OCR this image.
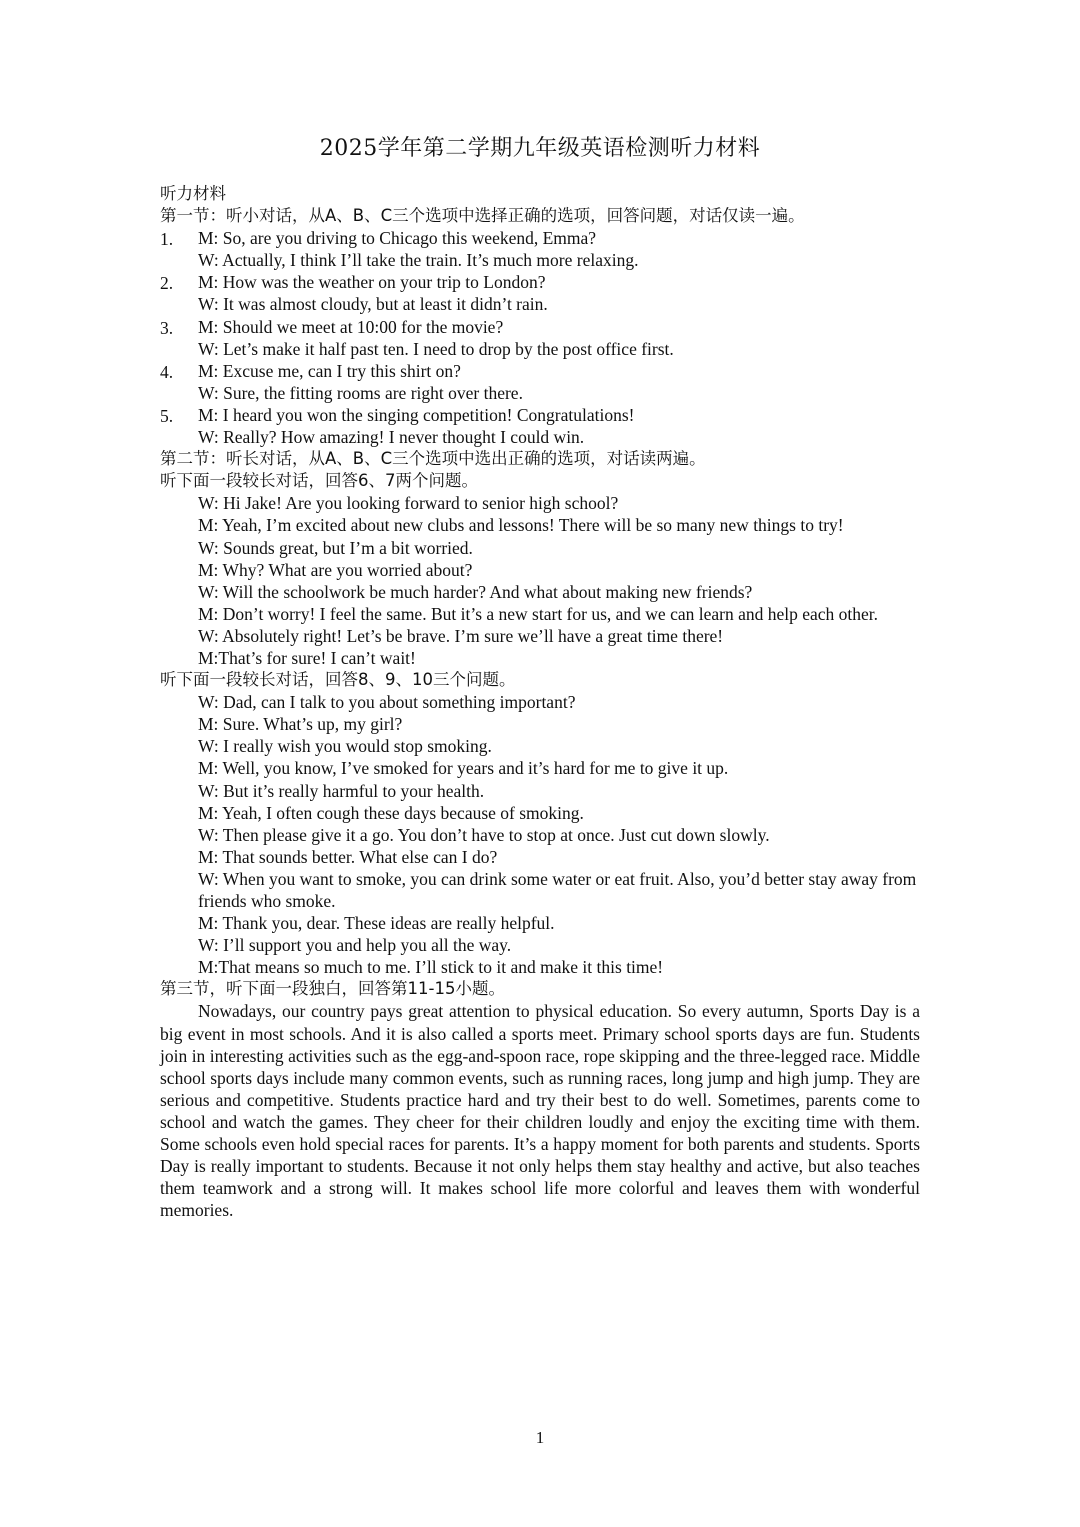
2025学年第二学期九年级英语检测听力材料
听力材料
第一节：听小对话，从A、B、C三个选项中选择正确的选项，回答问题，对话仅读一遍。
1. M: So, are you driving to Chicago this weekend, Emma?
W: Actually, I think I’ll take the train. It’s much more relaxing.
2. M: How was the weather on your trip to London?
W: It was almost cloudy, but at least it didn’t rain.
3. M: Should we meet at 10:00 for the movie?
W: Let’s make it half past ten. I need to drop by the post office first.
4. M: Excuse me, can I try this shirt on?
W: Sure, the fitting rooms are right over there.
5. M: I heard you won the singing competition! Congratulations!
W: Really? How amazing! I never thought I could win.
第二节：听长对话，从A、B、C三个选项中选出正确的选项，对话读两遍。
听下面一段较长对话，回答6、7两个问题。
W: Hi Jake! Are you looking forward to senior high school?
M: Yeah, I’m excited about new clubs and lessons! There will be so many new things to try!
W: Sounds great, but I’m a bit worried.
M: Why? What are you worried about?
W: Will the schoolwork be much harder? And what about making new friends?
M: Don’t worry! I feel the same. But it’s a new start for us, and we can learn and help each other.
W: Absolutely right! Let’s be brave. I’m sure we’ll have a great time there!
M:That’s for sure! I can’t wait!
听下面一段较长对话，回答8、9、10三个问题。
W: Dad, can I talk to you about something important?
M: Sure. What’s up, my girl?
W: I really wish you would stop smoking.
M: Well, you know, I’ve smoked for years and it’s hard for me to give it up.
W: But it’s really harmful to your health.
M: Yeah, I often cough these days because of smoking.
W: Then please give it a go. You don’t have to stop at once. Just cut down slowly.
M: That sounds better. What else can I do?
W: When you want to smoke, you can drink some water or eat fruit. Also, you’d better stay away from friends who smoke.
M: Thank you, dear. These ideas are really helpful.
W: I’ll support you and help you all the way.
M:That means so much to me. I’ll stick to it and make it this time!
第三节，听下面一段独白，回答第11-15小题。
Nowadays, our country pays great attention to physical education. So every autumn, Sports Day is a big event in most schools. And it is also called a sports meet. Primary school sports days are fun. Students join in interesting activities such as the egg-and-spoon race, rope skipping and the three-legged race. Middle school sports days include many common events, such as running races, long jump and high jump. They are serious and competitive. Students practice hard and try their best to do well. Sometimes, parents come to school and watch the games. They cheer for their children loudly and enjoy the exciting time with them. Some schools even hold special races for parents. It’s a happy moment for both parents and students. Sports Day is really important to students. Because it not only helps them stay healthy and active, but also teaches them teamwork and a strong will. It makes school life more colorful and leaves them with wonderful memories.
1
